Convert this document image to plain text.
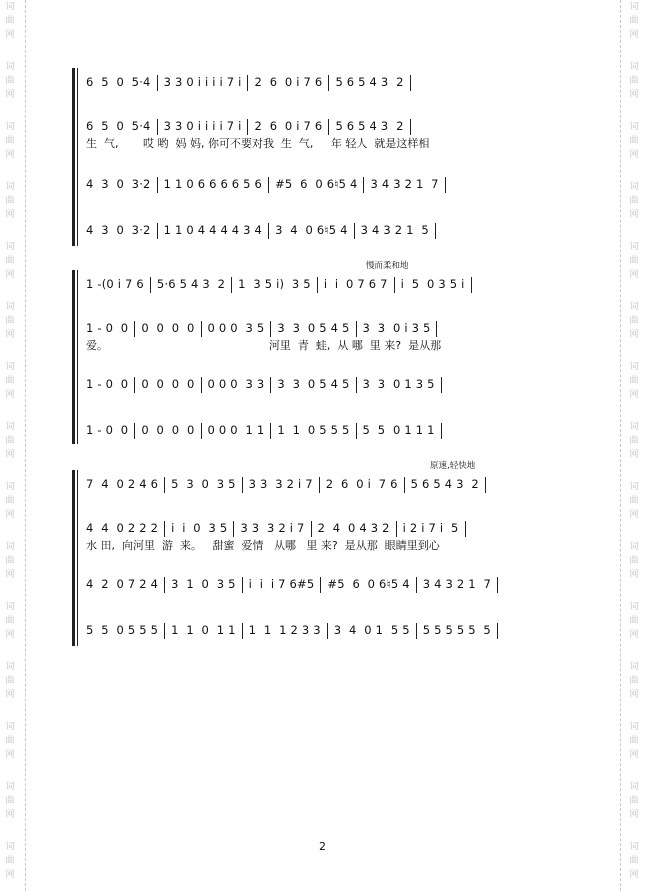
词
曲
网
词
曲
网
词
曲
网
词
曲
网
词
曲
网
词
曲
网
词
曲
网
词
曲
网
词
曲
网
词
曲
网
词
曲
网
词
曲
网
词
曲
网
词
曲
网
词
曲
网
词
曲
网
词
曲
网
词
曲
网
词
曲
网
词
曲
网
词
曲
网
词
曲
网
词
曲
网
词
曲
网
词
曲
网
词
曲
网
词
曲
网
词
曲
网
词
曲
网
词
曲
网
6  5  0  5·4 3 3 0 i i i i 7 i 2  6  0 i 7 6 5 6 5 4 3  2
6  5  0  5·4 3 3 0 i i i i 7 i 2  6  0 i 7 6 5 6 5 4 3  2
生  气,       哎 哟  妈 妈, 你可不要对我  生  气,     年 轻人  就是这样相
4  3  0  3·2 1 1 0 6 6 6 6 5 6 #5  6  0 6♮5 4 3 4 3 2 1  7
4  3  0  3·2 1 1 0 4 4 4 4 3 4 3  4  0 6♮5 4 3 4 3 2 1  5
慢而柔和地
1 -(0 i 7 6 5·6 5 4 3  2 1  3 5 i)  3 5 i  i  0 7 6 7 i  5  0 3 5 i
1 - 0  0 0  0  0  0 0 0 0  3 5 3  3  0 5 4 5 3  3  0 i 3 5
爱。                                              河里  青  蛙,  从 哪  里 来?  是从那
1 - 0  0 0  0  0  0 0 0 0  3 3 3  3  0 5 4 5 3  3  0 1 3 5
1 - 0  0 0  0  0  0 0 0 0  1 1 1  1  0 5 5 5 5  5  0 1 1 1
原速,轻快地
7  4  0 2 4 6 5  3  0  3 5 3 3  3 2 i 7 2  6  0 i  7 6 5 6 5 4 3  2
4  4  0 2 2 2 i  i  0  3 5 3 3  3 2 i 7 2  4  0 4 3 2 i 2 i 7 i  5
水 田,  向河里  游  来。   甜蜜  爱情   从哪   里 来?  是从那  眼睛里到心
4  2  0 7 2 4 3  1  0  3 5 i  i  i 7 6#5 #5  6  0 6♮5 4 3 4 3 2 1  7
5  5  0 5 5 5 1  1  0  1 1 1  1  1 2 3 3 3  4  0 1  5 5 5 5 5 5 5  5
2
